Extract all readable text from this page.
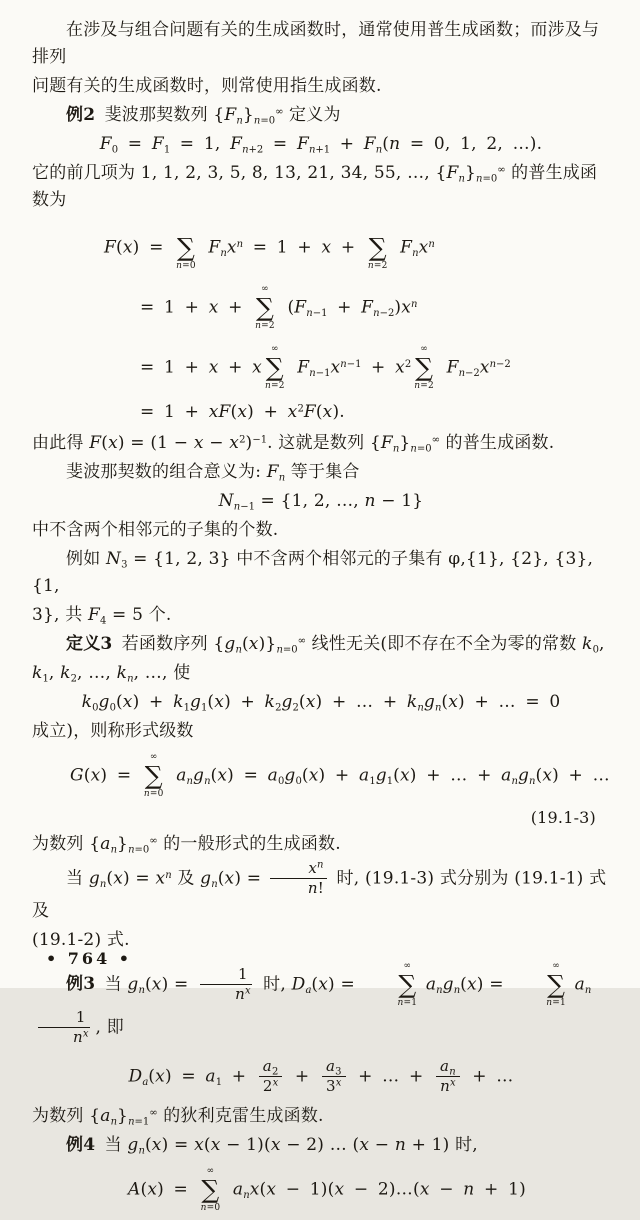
在涉及与组合问题有关的生成函数时，通常使用普生成函数；而涉及与排列
问题有关的生成函数时，则常使用指生成函数.
例2 斐波那契数列 $\{F_n\}_{n=0}^\infty$ 定义为
$F_0 = F_1 = 1$, $F_{n+2} = F_{n+1} + F_n(n = 0$, 1, 2, …).
它的前几项为 1, 1, 2, 3, 5, 8, 13, 21, 34, 55, …, $\{F_n\}_{n=0}^\infty$ 的普生成函数为
F(x) = ∑
n=0
$F_nx^n = 1 + x$ + ∑
n=2
$F_nx^n$
= 1 + x +
∞
∑
n=2
$(F_{n-1} + F_{n-2})x^n$
= 1 + x + x
∞
∑
n=2
$F_{n-1}x^{n-1} + x^2$
∞
∑
n=2
$F_{n-2}x^{n-2}$
= $1 + xF(x) + x^2F(x)$.
由此得 $F(x) = (1 - x - x^2)^{-1}$. 这就是数列 $\{F_n\}_{n=0}^\infty$ 的普生成函数.
斐波那契数的组合意义为: $F_n$ 等于集合
$N_{n-1} = \{1$, 2, …, n − 1}
中不含两个相邻元的子集的个数.
例如 $N_3 = \{1$, 2, 3} 中不含两个相邻元的子集有 φ,{1}, {2}, {3}, {1,
3}, 共 $F_4 = 5$ 个.
定义3 若函数序列 $\{g_n(x)\}_{n=0}^\infty$ 线性无关(即不存在不全为零的常数 $k_0$,
$k_1$, $k_2$, …, $k_n$, …, 使
$k_0g_0(x) + k_1g_1(x) + k_2g_2(x)$ + … + $k_ng_n(x)$ + … = 0
成立)，则称形式级数
G(x) =
∞
∑
n=0
$a_ng_n(x) = a_0g_0(x) + a_1g_1(x)$ + … + $a_ng_n(x)$ + …
(19.1-3)
为数列 $\{a_n\}_{n=0}^\infty$ 的一般形式的生成函数.
当 $g_n(x) = x^n$ 及 $g_n(x) = \frac{x^n}{n!}$ 时, (19.1-3) 式分别为 (19.1-1) 式及
(19.1-2) 式.
例3 当 $g_n(x) = \frac{1}{n^x}$ 时, $D_a(x)$ =
∞
∑
n=1
$a_ng_n(x)$ =
∞
∑
n=1
$a_n$
$\frac{1}{n^x}$ , 即
$D_a(x) = a_1 + \frac{a_2}{2^x} + \frac{a_3}{3^x}$ + … + $\frac{a_n}{n^x}$ + …
为数列 $\{a_n\}_{n=1}^\infty$ 的狄利克雷生成函数.
例4 当 $g_n(x) = x(x - 1)(x - 2)$ … (x − n + 1) 时,
A(x) =
∞
∑
n=0
$a_nx(x - 1)(x$ − 2)…(x − n + 1)
• 764 •
